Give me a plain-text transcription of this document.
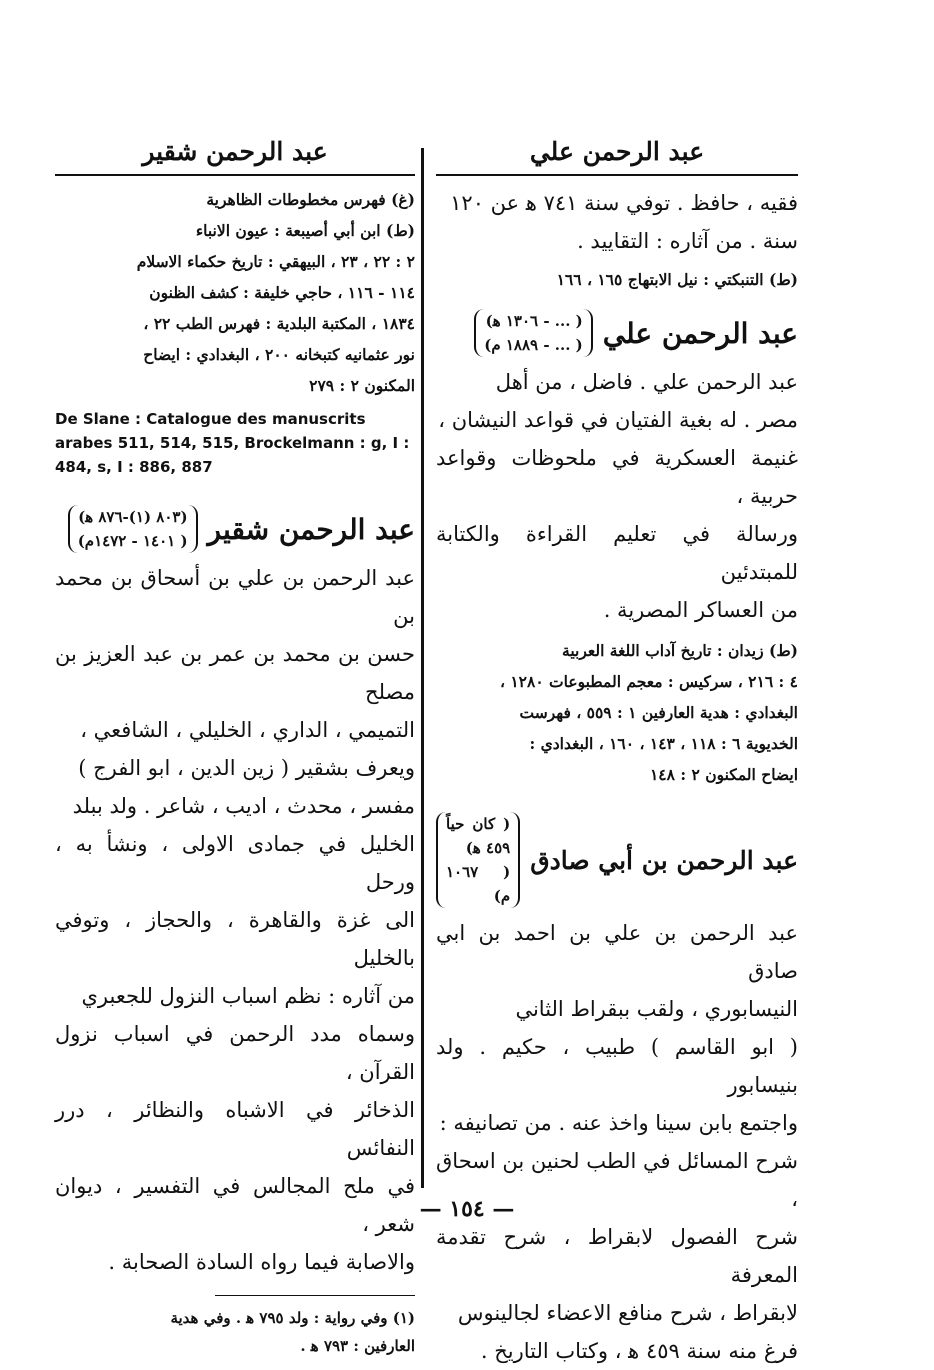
عبد الرحمن علي

فقيه ، حافظ . توفي سنة ٧٤١ ﻫ عن ١٢٠

سنة . من آثاره : التقاييد .

(ط) التنبكتي : نيل الابتهاج ١٦٥ ، ١٦٦

عبد الرحمن علي
( ... - ١٣٠٦ ﻫ)
( ... - ١٨٨٩ م)

عبد الرحمن علي . فاضل ، من أهل

مصر . له بغية الفتيان في قواعد النيشان ،

غنيمة العسكرية في ملحوظات وقواعد حربية ،

ورسالة في تعليم القراءة والكتابة للمبتدئين

من العساكر المصرية .

(ط) زيدان : تاريخ آداب اللغة العربية

٤ : ٢١٦ ، سركيس : معجم المطبوعات ١٢٨٠ ،

البغدادي : هدية العارفين ١ : ٥٥٩ ، فهرست

الخديوية ٦ : ١١٨ ، ١٤٣ ، ١٦٠ ، البغدادي :

ايضاح المكنون ٢ : ١٤٨

عبد الرحمن بن أبي صادق
( كان حياً ٤٥٩ ﻫ)
( ١٠٦٧ م)

عبد الرحمن بن علي بن احمد بن ابي صادق

النيسابوري ، ولقب ببقراط الثاني

( ابو القاسم ) طبيب ، حكيم . ولد بنيسابور

واجتمع بابن سينا واخذ عنه . من تصانيفه :

شرح المسائل في الطب لحنين بن اسحاق ،

شرح الفصول لابقراط ، شرح تقدمة المعرفة

لابقراط ، شرح منافع الاعضاء لجالينوس

فرغ منه سنة ٤٥٩ ﻫ ، وكتاب التاريخ .

عبد الرحمن شقير

(غ) فهرس مخطوطات الظاهرية

(ط) ابن أبي أصيبعة : عيون الانباء

٢ : ٢٢ ، ٢٣ ، البيهقي : تاريخ حكماء الاسلام

١١٤ - ١١٦ ، حاجي خليفة : كشف الظنون

١٨٣٤ ، المكتبة البلدية : فهرس الطب ٢٢ ،

نور عثمانيه كتبخانه ٢٠٠ ، البغدادي : ايضاح

المكنون ٢ : ٢٧٩

De Slane : Catalogue des manuscrits arabes 511, 514, 515, Brockelmann : g, I : 484, s, I : 886, 887

عبد الرحمن شقير
(٨٠٣ (١)-٨٧٦ ﻫ)
( ١٤٠١ - ١٤٧٢م)

عبد الرحمن بن علي بن أسحاق بن محمد بن

حسن بن محمد بن عمر بن عبد العزيز بن مصلح

التميمي ، الداري ، الخليلي ، الشافعي ،

ويعرف بشقير ( زين الدين ، ابو الفرج )

مفسر ، محدث ، اديب ، شاعر . ولد ببلد

الخليل في جمادى الاولى ، ونشأ به ، ورحل

الى غزة والقاهرة ، والحجاز ، وتوفي بالخليل

من آثاره : نظم اسباب النزول للجعبري

وسماه مدد الرحمن في اسباب نزول القرآن ،

الذخائر في الاشباه والنظائر ، درر النفائس

في ملح المجالس في التفسير ، ديوان شعر ،

والاصابة فيما رواه السادة الصحابة .

(١) وفي رواية : ولد ٧٩٥ ﻫ . وفي هدية

العارفين : ٧٩٣ ﻫ .

— ١٥٤ —
